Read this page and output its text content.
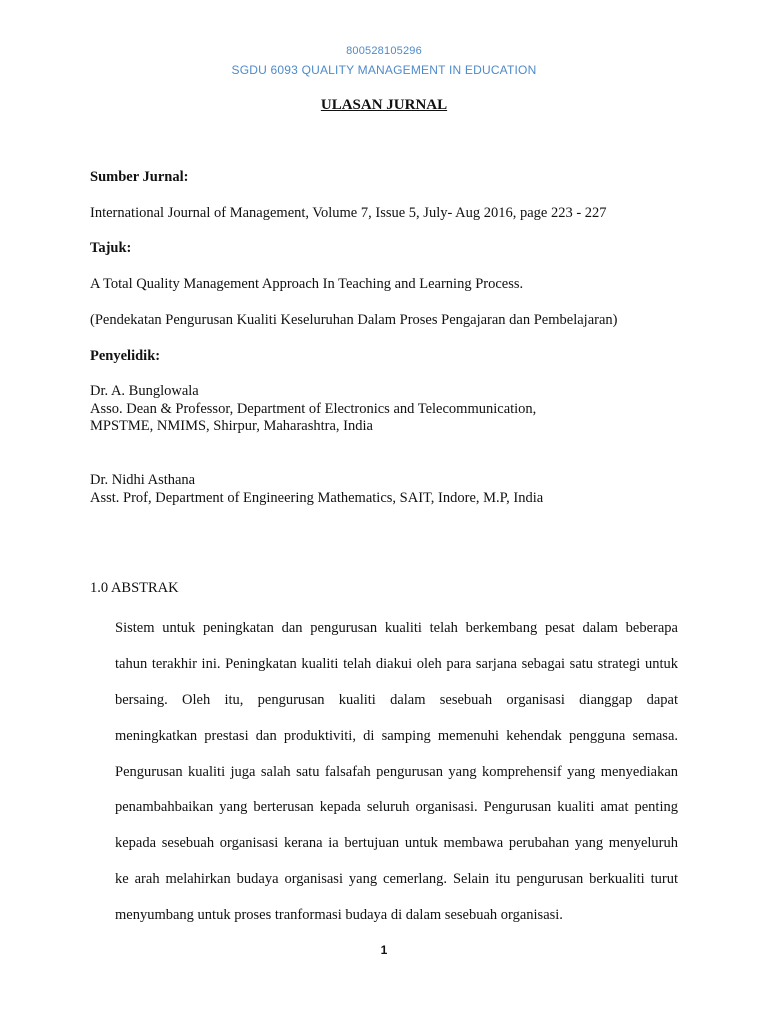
800528105296
SGDU 6093 QUALITY MANAGEMENT IN EDUCATION
ULASAN JURNAL
Sumber Jurnal:
International Journal of Management, Volume 7, Issue 5, July- Aug 2016, page 223 - 227
Tajuk:
A Total Quality Management Approach In Teaching and Learning Process.
(Pendekatan Pengurusan Kualiti Keseluruhan Dalam Proses Pengajaran dan Pembelajaran)
Penyelidik:
Dr. A. Bunglowala
Asso. Dean & Professor, Department of Electronics and Telecommunication,
MPSTME, NMIMS, Shirpur, Maharashtra, India
Dr. Nidhi Asthana
Asst. Prof, Department of Engineering Mathematics, SAIT, Indore, M.P, India
1.0 ABSTRAK
Sistem untuk peningkatan dan pengurusan kualiti telah berkembang pesat dalam beberapa
tahun terakhir ini. Peningkatan kualiti telah diakui oleh para sarjana sebagai satu strategi untuk
bersaing. Oleh itu, pengurusan kualiti dalam sesebuah organisasi dianggap dapat
meningkatkan prestasi dan produktiviti, di samping memenuhi kehendak pengguna semasa.
Pengurusan kualiti juga salah satu falsafah pengurusan yang komprehensif yang menyediakan
penambahbaikan yang berterusan kepada seluruh organisasi. Pengurusan kualiti amat penting
kepada sesebuah organisasi kerana ia bertujuan untuk membawa perubahan yang menyeluruh
ke arah melahirkan budaya organisasi yang cemerlang. Selain itu pengurusan berkualiti turut
menyumbang untuk proses tranformasi budaya di dalam sesebuah organisasi.
1
